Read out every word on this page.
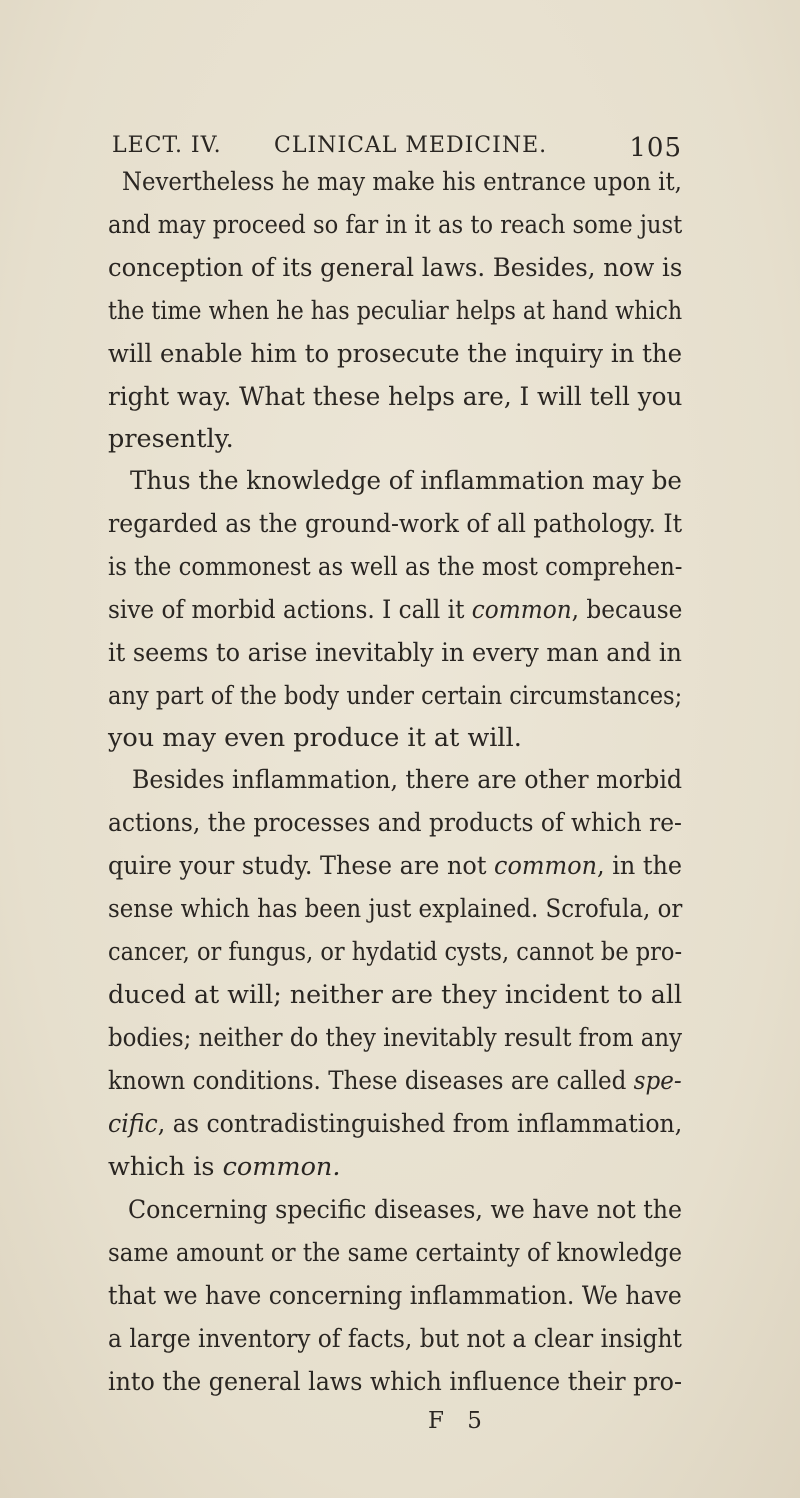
LECT. IV. CLINICAL MEDICINE.	105
Nevertheless he may make his entrance upon it,
and may proceed so far in it as to reach some just
conception of its general laws. Besides, now is
the time when he has peculiar helps at hand which
will enable him to prosecute the inquiry in the
right way. What these helps are, I will tell you
presently.
Thus the knowledge of inflammation may be
regarded as the ground-work of all pathology. It
is the commonest as well as the most comprehen-
sive of morbid actions. I call it common, because
it seems to arise inevitably in every man and in
any part of the body under certain circumstances;
you may even produce it at will.
Besides inflammation, there are other morbid
actions, the processes and products of which re-
quire your study. These are not common, in the
sense which has been just explained. Scrofula, or
cancer, or fungus, or hydatid cysts, cannot be pro-
duced at will; neither are they incident to all
bodies; neither do they inevitably result from any
known conditions. These diseases are called spe-
cific, as contradistinguished from inflammation,
which is common.
Concerning specific diseases, we have not the
same amount or the same certainty of knowledge
that we have concerning inflammation. We have
a large inventory of facts, but not a clear insight
into the general laws which influence their pro-
F 5
